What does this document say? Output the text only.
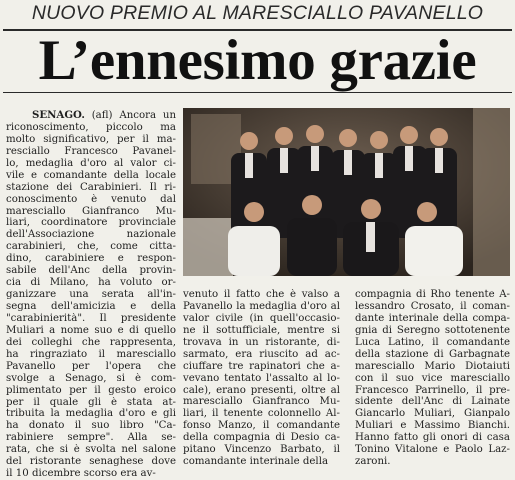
NUOVO PREMIO AL MARESCIALLO PAVANELLO
L’ennesimo grazie
SENAGO. (afl) Ancora un
riconoscimento, piccolo ma
molto significativo, per il ma-
resciallo Francesco Pavanel-
lo, medaglia d'oro al valor ci-
vile e comandante della locale
stazione dei Carabinieri. Il ri-
conoscimento è venuto dal
maresciallo Gianfranco Mu-
liari, coordinatore provinciale
dell'Associazione nazionale
carabinieri, che, come citta-
dino, carabiniere e respon-
sabile dell'Anc della provin-
cia di Milano, ha voluto or-
ganizzare una serata all'in-
segna dell'amicizia e della
"carabinierità". Il presidente
Muliari a nome suo e di quello
dei colleghi che rappresenta,
ha ringraziato il maresciallo
Pavanello per l'opera che
svolge a Senago, si è com-
plimentato per il gesto eroico
per il quale gli è stata at-
tribuita la medaglia d'oro e gli
ha donato il suo libro "Ca-
rabiniere sempre". Alla se-
rata, che si è svolta nel salone
del ristorante senaghese dove
il 10 dicembre scorso era av-
venuto il fatto che è valso a
Pavanello la medaglia d'oro al
valor civile (in quell'occasio-
ne il sottufficiale, mentre si
trovava in un ristorante, di-
sarmato, era riuscito ad ac-
ciuffare tre rapinatori che a-
vevano tentato l'assalto al lo-
cale), erano presenti, oltre al
maresciallo Gianfranco Mu-
liari, il tenente colonnello Al-
fonso Manzo, il comandante
della compagnia di Desio ca-
pitano Vincenzo Barbato, il
comandante interinale della
compagnia di Rho tenente A-
lessandro Crosato, il coman-
dante interinale della compa-
gnia di Seregno sottotenente
Luca Latino, il comandante
della stazione di Garbagnate
maresciallo Mario Diotaiuti
con il suo vice maresciallo
Francesco Parrinello, il pre-
sidente dell'Anc di Lainate
Giancarlo Muliari, Gianpalo
Muliari e Massimo Bianchi.
Hanno fatto gli onori di casa
Tonino Vitalone e Paolo Laz-
zaroni.
